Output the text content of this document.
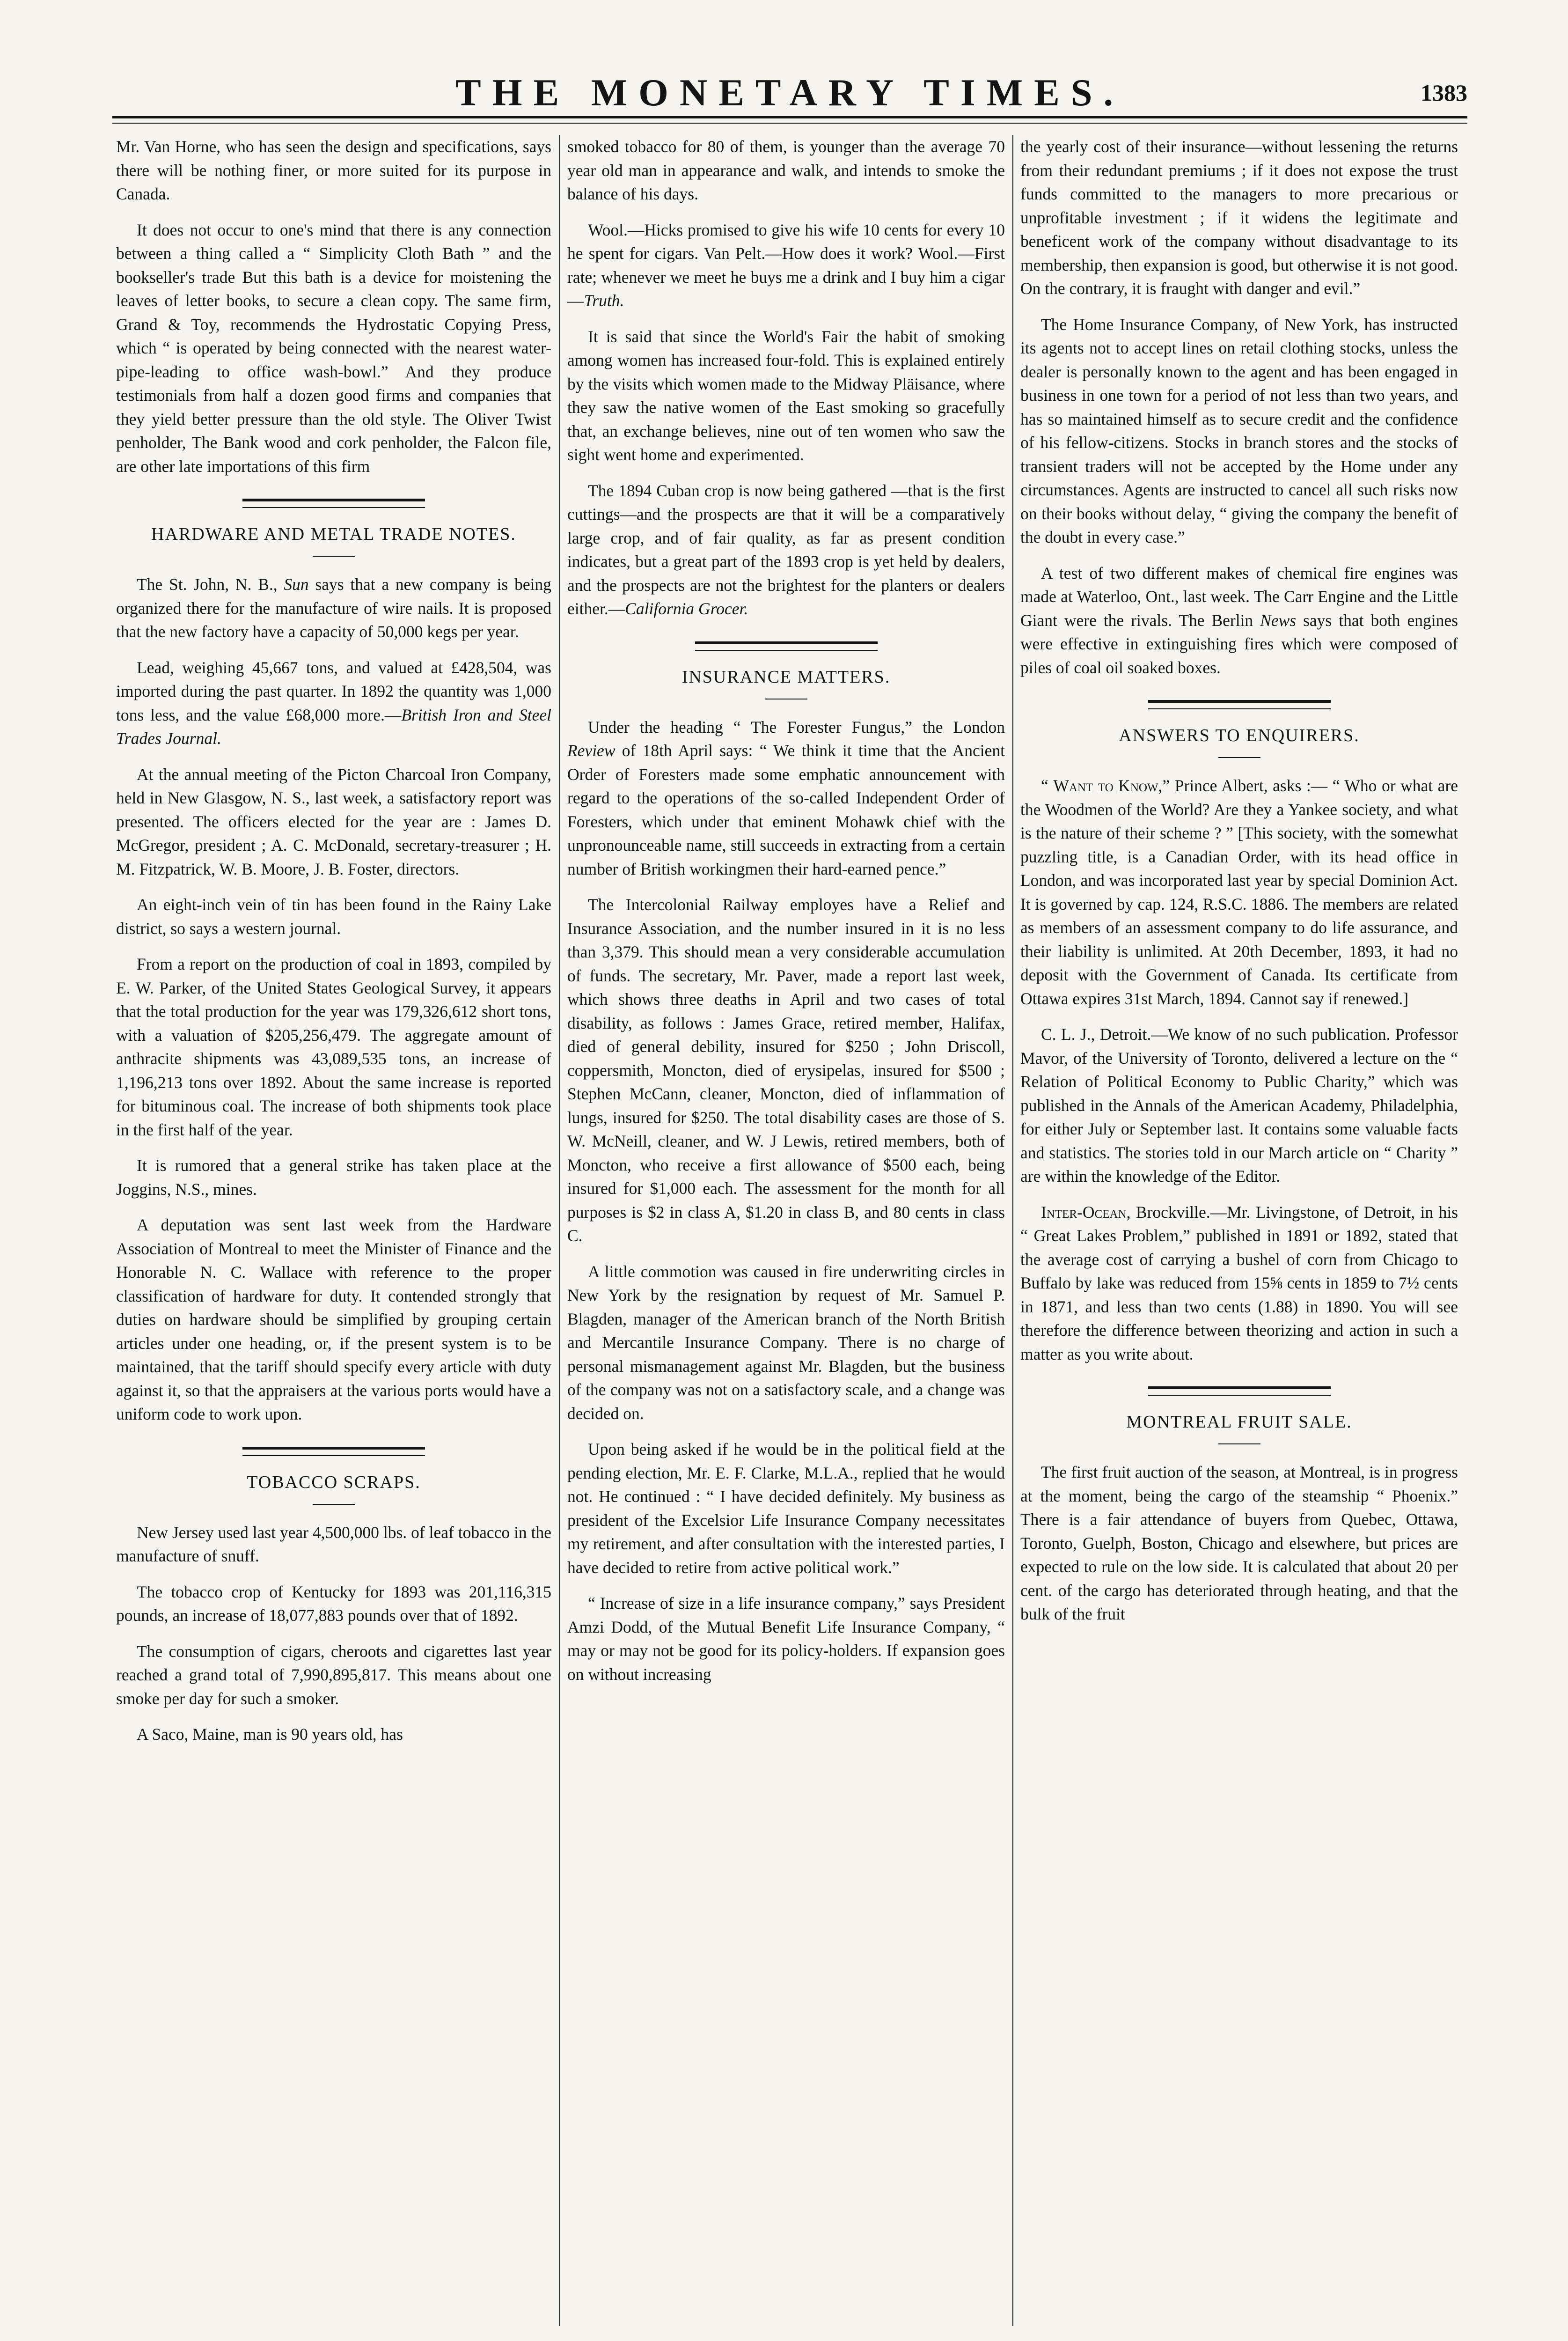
THE MONETARY TIMES.	1383

Mr. Van Horne, who has seen the design and specifications, says there will be nothing finer, or more suited for its purpose in Canada.

It does not occur to one's mind that there is any connection between a thing called a “ Simplicity Cloth Bath ” and the bookseller's trade But this bath is a device for moistening the leaves of letter books, to secure a clean copy. The same firm, Grand & Toy, recommends the Hydrostatic Copying Press, which “ is operated by being connected with the nearest water-pipe-leading to office wash-bowl.” And they produce testimonials from half a dozen good firms and companies that they yield better pressure than the old style. The Oliver Twist penholder, The Bank wood and cork penholder, the Falcon file, are other late importations of this firm

HARDWARE AND METAL TRADE NOTES.

The St. John, N. B., Sun says that a new company is being organized there for the manufacture of wire nails. It is proposed that the new factory have a capacity of 50,000 kegs per year.

Lead, weighing 45,667 tons, and valued at £428,504, was imported during the past quarter. In 1892 the quantity was 1,000 tons less, and the value £68,000 more.—British Iron and Steel Trades Journal.

At the annual meeting of the Picton Charcoal Iron Company, held in New Glasgow, N. S., last week, a satisfactory report was presented. The officers elected for the year are : James D. McGregor, president ; A. C. McDonald, secretary-treasurer ; H. M. Fitzpatrick, W. B. Moore, J. B. Foster, directors.

An eight-inch vein of tin has been found in the Rainy Lake district, so says a western journal.

From a report on the production of coal in 1893, compiled by E. W. Parker, of the United States Geological Survey, it appears that the total production for the year was 179,326,612 short tons, with a valuation of $205,256,479. The aggregate amount of anthracite shipments was 43,089,535 tons, an increase of 1,196,213 tons over 1892. About the same increase is reported for bituminous coal. The increase of both shipments took place in the first half of the year.

It is rumored that a general strike has taken place at the Joggins, N.S., mines.

A deputation was sent last week from the Hardware Association of Montreal to meet the Minister of Finance and the Honorable N. C. Wallace with reference to the proper classification of hardware for duty. It contended strongly that duties on hardware should be simplified by grouping certain articles under one heading, or, if the present system is to be maintained, that the tariff should specify every article with duty against it, so that the appraisers at the various ports would have a uniform code to work upon.

TOBACCO SCRAPS.

New Jersey used last year 4,500,000 lbs. of leaf tobacco in the manufacture of snuff.

The tobacco crop of Kentucky for 1893 was 201,116,315 pounds, an increase of 18,077,883 pounds over that of 1892.

The consumption of cigars, cheroots and cigarettes last year reached a grand total of 7,990,895,817. This means about one smoke per day for such a smoker.

A Saco, Maine, man is 90 years old, has

smoked tobacco for 80 of them, is younger than the average 70 year old man in appearance and walk, and intends to smoke the balance of his days.

Wool.—Hicks promised to give his wife 10 cents for every 10 he spent for cigars. Van Pelt.—How does it work? Wool.—First rate; whenever we meet he buys me a drink and I buy him a cigar—Truth.

It is said that since the World's Fair the habit of smoking among women has increased four-fold. This is explained entirely by the visits which women made to the Midway Pläisance, where they saw the native women of the East smoking so gracefully that, an exchange believes, nine out of ten women who saw the sight went home and experimented.

The 1894 Cuban crop is now being gathered —that is the first cuttings—and the prospects are that it will be a comparatively large crop, and of fair quality, as far as present condition indicates, but a great part of the 1893 crop is yet held by dealers, and the prospects are not the brightest for the planters or dealers either.—California Grocer.

INSURANCE MATTERS.

Under the heading “ The Forester Fungus,” the London Review of 18th April says: “ We think it time that the Ancient Order of Foresters made some emphatic announcement with regard to the operations of the so-called Independent Order of Foresters, which under that eminent Mohawk chief with the unpronounceable name, still succeeds in extracting from a certain number of British workingmen their hard-earned pence.”

The Intercolonial Railway employes have a Relief and Insurance Association, and the number insured in it is no less than 3,379. This should mean a very considerable accumulation of funds. The secretary, Mr. Paver, made a report last week, which shows three deaths in April and two cases of total disability, as follows : James Grace, retired member, Halifax, died of general debility, insured for $250 ; John Driscoll, coppersmith, Moncton, died of erysipelas, insured for $500 ; Stephen McCann, cleaner, Moncton, died of inflammation of lungs, insured for $250. The total disability cases are those of S. W. McNeill, cleaner, and W. J Lewis, retired members, both of Moncton, who receive a first allowance of $500 each, being insured for $1,000 each. The assessment for the month for all purposes is $2 in class A, $1.20 in class B, and 80 cents in class C.

A little commotion was caused in fire underwriting circles in New York by the resignation by request of Mr. Samuel P. Blagden, manager of the American branch of the North British and Mercantile Insurance Company. There is no charge of personal mismanagement against Mr. Blagden, but the business of the company was not on a satisfactory scale, and a change was decided on.

Upon being asked if he would be in the political field at the pending election, Mr. E. F. Clarke, M.L.A., replied that he would not. He continued : “ I have decided definitely. My business as president of the Excelsior Life Insurance Company necessitates my retirement, and after consultation with the interested parties, I have decided to retire from active political work.”

“ Increase of size in a life insurance company,” says President Amzi Dodd, of the Mutual Benefit Life Insurance Company, “ may or may not be good for its policy-holders. If expansion goes on without increasing

the yearly cost of their insurance—without lessening the returns from their redundant premiums ; if it does not expose the trust funds committed to the managers to more precarious or unprofitable investment ; if it widens the legitimate and beneficent work of the company without disadvantage to its membership, then expansion is good, but otherwise it is not good. On the contrary, it is fraught with danger and evil.”

The Home Insurance Company, of New York, has instructed its agents not to accept lines on retail clothing stocks, unless the dealer is personally known to the agent and has been engaged in business in one town for a period of not less than two years, and has so maintained himself as to secure credit and the confidence of his fellow-citizens. Stocks in branch stores and the stocks of transient traders will not be accepted by the Home under any circumstances. Agents are instructed to cancel all such risks now on their books without delay, “ giving the company the benefit of the doubt in every case.”

A test of two different makes of chemical fire engines was made at Waterloo, Ont., last week. The Carr Engine and the Little Giant were the rivals. The Berlin News says that both engines were effective in extinguishing fires which were composed of piles of coal oil soaked boxes.

ANSWERS TO ENQUIRERS.

“ Want to Know,” Prince Albert, asks :— “ Who or what are the Woodmen of the World? Are they a Yankee society, and what is the nature of their scheme ? ” [This society, with the somewhat puzzling title, is a Canadian Order, with its head office in London, and was incorporated last year by special Dominion Act. It is governed by cap. 124, R.S.C. 1886. The members are related as members of an assessment company to do life assurance, and their liability is unlimited. At 20th December, 1893, it had no deposit with the Government of Canada. Its certificate from Ottawa expires 31st March, 1894. Cannot say if renewed.]

C. L. J., Detroit.—We know of no such publication. Professor Mavor, of the University of Toronto, delivered a lecture on the “ Relation of Political Economy to Public Charity,” which was published in the Annals of the American Academy, Philadelphia, for either July or September last. It contains some valuable facts and statistics. The stories told in our March article on “ Charity ” are within the knowledge of the Editor.

Inter-Ocean, Brockville.—Mr. Livingstone, of Detroit, in his “ Great Lakes Problem,” published in 1891 or 1892, stated that the average cost of carrying a bushel of corn from Chicago to Buffalo by lake was reduced from 15⅝ cents in 1859 to 7½ cents in 1871, and less than two cents (1.88) in 1890. You will see therefore the difference between theorizing and action in such a matter as you write about.

MONTREAL FRUIT SALE.

The first fruit auction of the season, at Montreal, is in progress at the moment, being the cargo of the steamship “ Phoenix.” There is a fair attendance of buyers from Quebec, Ottawa, Toronto, Guelph, Boston, Chicago and elsewhere, but prices are expected to rule on the low side. It is calculated that about 20 per cent. of the cargo has deteriorated through heating, and that the bulk of the fruit
